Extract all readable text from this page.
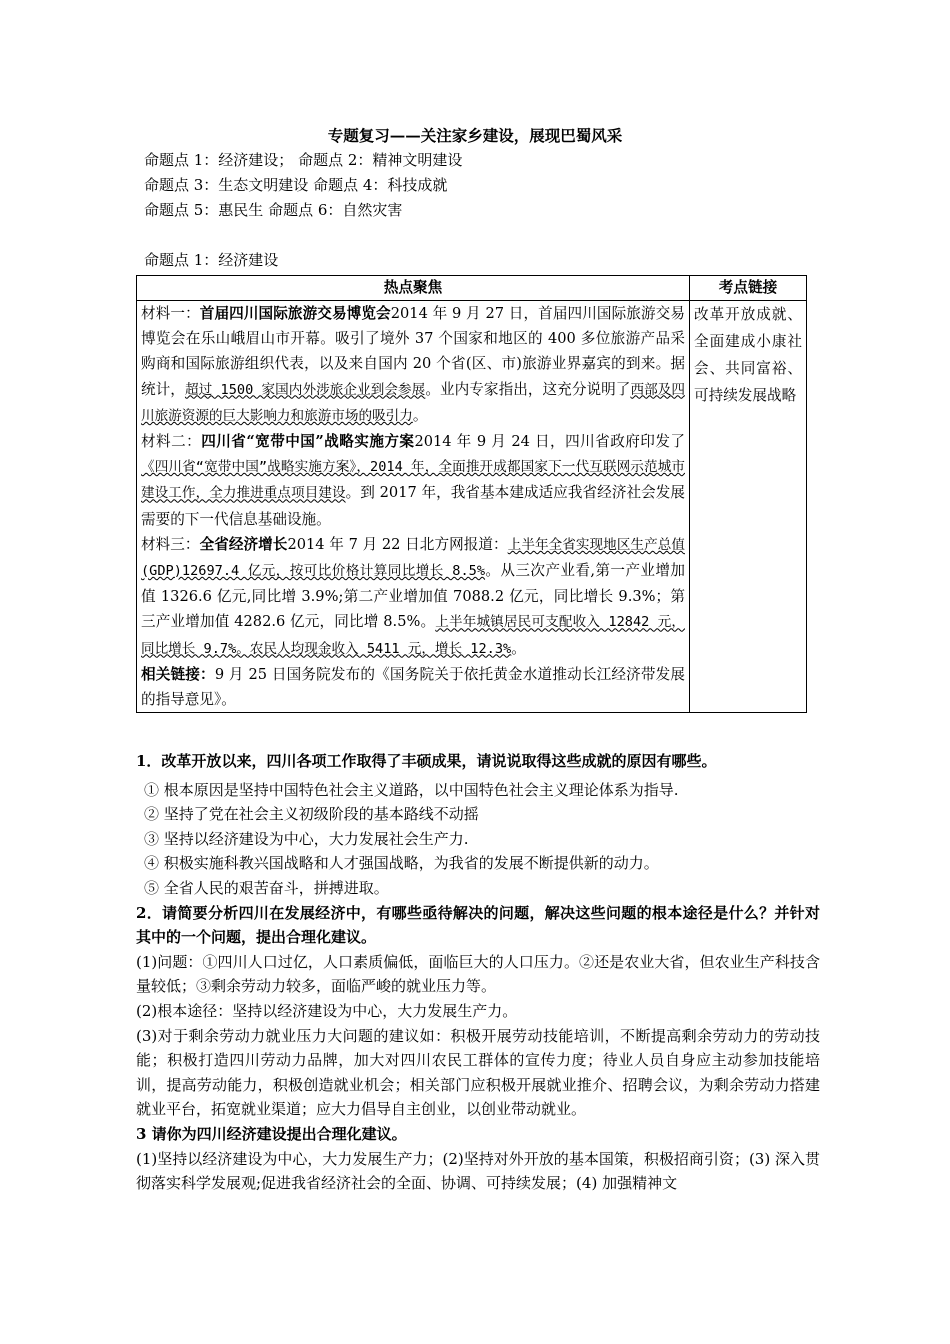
专题复习——关注家乡建设，展现巴蜀风采
命题点 1：经济建设； 命题点 2：精神文明建设
命题点 3：生态文明建设 命题点 4：科技成就
命题点 5：惠民生 命题点 6：自然灾害
命题点 1：经济建设
热点聚焦	考点链接

材料一：首届四川国际旅游交易博览会2014 年 9 月 27 日，首届四川国际旅游交易博览会在乐山峨眉山市开幕。吸引了境外 37 个国家和地区的 400 多位旅游产品采购商和国际旅游组织代表，以及来自国内 20 个省(区、市)旅游业界嘉宾的到来。据统计，超过 1500 家国内外涉旅企业到会参展。业内专家指出，这充分说明了西部及四川旅游资源的巨大影响力和旅游市场的吸引力。

材料二：四川省“宽带中国”战略实施方案2014 年 9 月 24 日，四川省政府印发了《四川省“宽带中国”战略实施方案》，2014 年，全面推开成都国家下一代互联网示范城市建设工作，全力推进重点项目建设。到 2017 年，我省基本建成适应我省经济社会发展需要的下一代信息基础设施。

材料三：全省经济增长2014 年 7 月 22 日北方网报道：上半年全省实现地区生产总值(GDP)12697.4 亿元，按可比价格计算同比增长 8.5%。从三次产业看,第一产业增加值 1326.6 亿元,同比增 3.9%;第二产业增加值 7088.2 亿元，同比增长 9.3%；第三产业增加值 4282.6 亿元，同比增 8.5%。上半年城镇居民可支配收入 12842 元，同比增长 9.7%。农民人均现金收入 5411 元，增长 12.3%。

相关链接：9 月 25 日国务院发布的《国务院关于依托黄金水道推动长江经济带发展的指导意见》。	改革开放成就、全面建成小康社会、共同富裕、可持续发展战略

1．改革开放以来，四川各项工作取得了丰硕成果，请说说取得这些成就的原因有哪些。

① 根本原因是坚持中国特色社会主义道路，以中国特色社会主义理论体系为指导.

② 坚持了党在社会主义初级阶段的基本路线不动摇

③ 坚持以经济建设为中心，大力发展社会生产力.

④ 积极实施科教兴国战略和人才强国战略，为我省的发展不断提供新的动力。

⑤ 全省人民的艰苦奋斗，拼搏进取。

2．请简要分析四川在发展经济中，有哪些亟待解决的问题，解决这些问题的根本途径是什么？并针对其中的一个问题，提出合理化建议。

(1)问题：①四川人口过亿，人口素质偏低，面临巨大的人口压力。②还是农业大省，但农业生产科技含量较低；③剩余劳动力较多，面临严峻的就业压力等。

(2)根本途径：坚持以经济建设为中心，大力发展生产力。

(3)对于剩余劳动力就业压力大问题的建议如：积极开展劳动技能培训，不断提高剩余劳动力的劳动技能；积极打造四川劳动力品牌，加大对四川农民工群体的宣传力度；待业人员自身应主动参加技能培训，提高劳动能力，积极创造就业机会；相关部门应积极开展就业推介、招聘会议，为剩余劳动力搭建就业平台，拓宽就业渠道；应大力倡导自主创业，以创业带动就业。

3 请你为四川经济建设提出合理化建议。

(1)坚持以经济建设为中心，大力发展生产力；(2)坚持对外开放的基本国策，积极招商引资；(3) 深入贯彻落实科学发展观;促进我省经济社会的全面、协调、可持续发展；(4) 加强精神文
